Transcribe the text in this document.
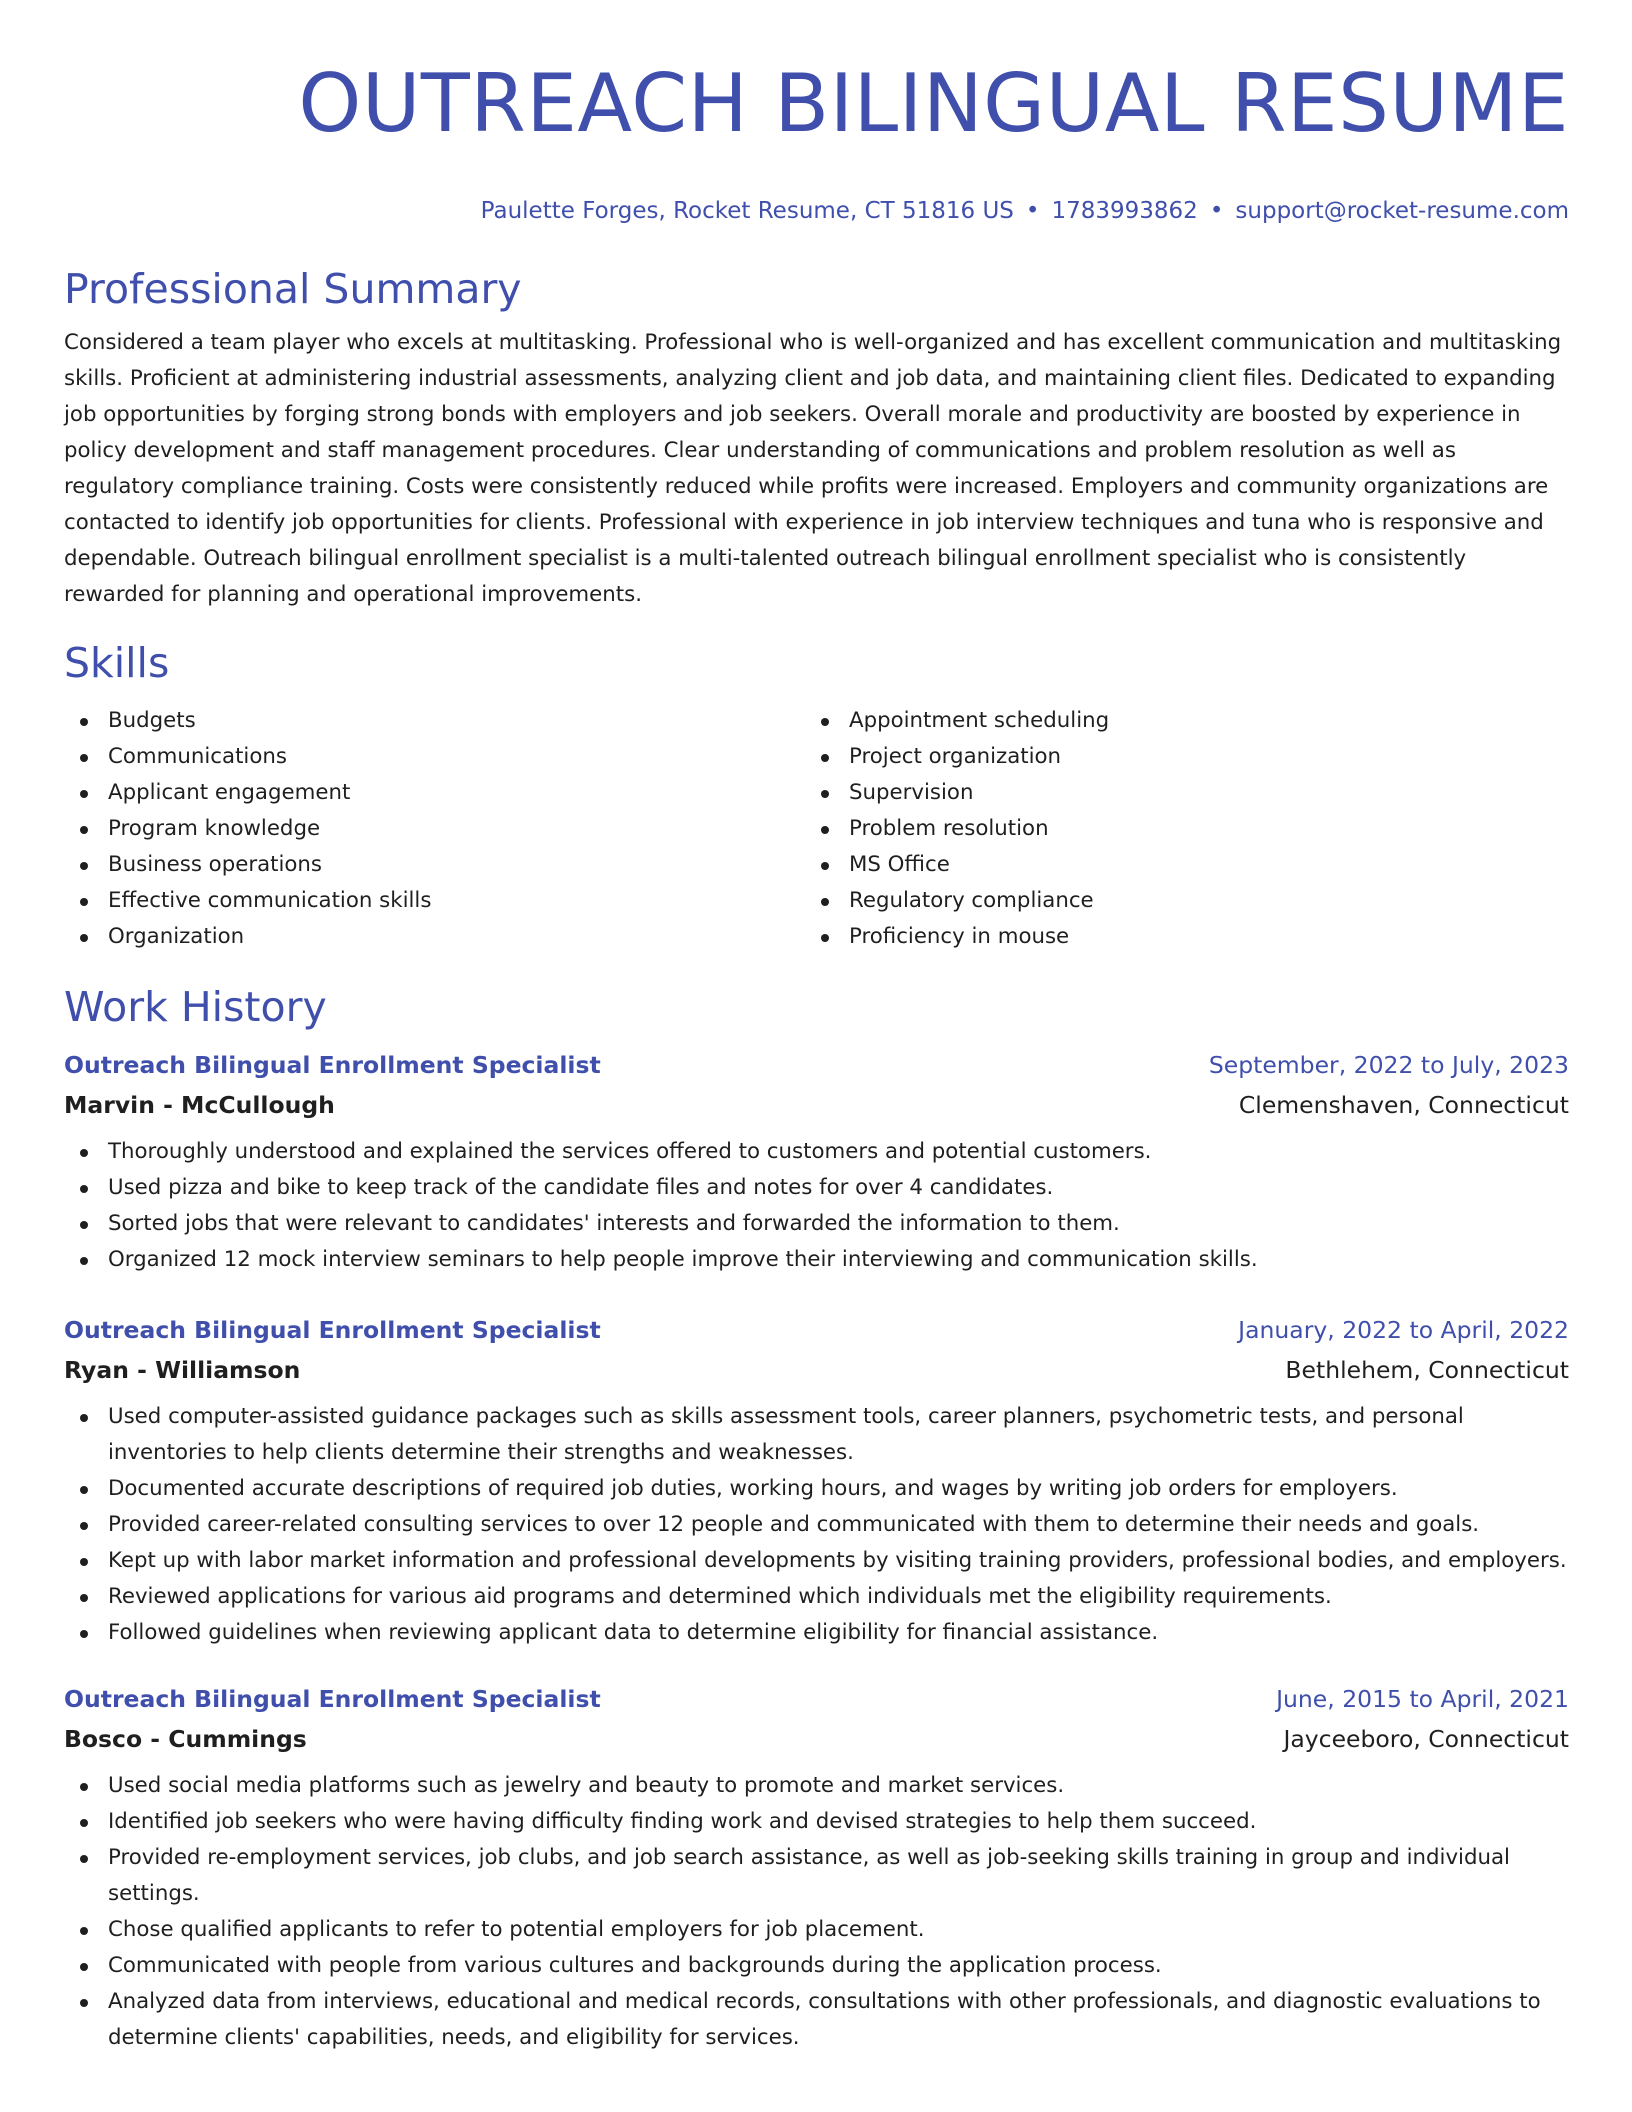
OUTREACH BILINGUAL RESUME
Paulette Forges, Rocket Resume, CT 51816 US • 1783993862 • support@rocket-resume.com
Professional Summary
Considered a team player who excels at multitasking. Professional who is well-organized and has excellent communication and multitasking skills. Proficient at administering industrial assessments, analyzing client and job data, and maintaining client files. Dedicated to expanding job opportunities by forging strong bonds with employers and job seekers. Overall morale and productivity are boosted by experience in policy development and staff management procedures. Clear understanding of communications and problem resolution as well as regulatory compliance training. Costs were consistently reduced while profits were increased. Employers and community organizations are contacted to identify job opportunities for clients. Professional with experience in job interview techniques and tuna who is responsive and dependable. Outreach bilingual enrollment specialist is a multi-talented outreach bilingual enrollment specialist who is consistently rewarded for planning and operational improvements.
Skills
Budgets
Communications
Applicant engagement
Program knowledge
Business operations
Effective communication skills
Organization
Appointment scheduling
Project organization
Supervision
Problem resolution
MS Office
Regulatory compliance
Proficiency in mouse
Work History
Outreach Bilingual Enrollment Specialist	September, 2022 to July, 2023
Marvin - McCullough	Clemenshaven, Connecticut
Thoroughly understood and explained the services offered to customers and potential customers.
Used pizza and bike to keep track of the candidate files and notes for over 4 candidates.
Sorted jobs that were relevant to candidates' interests and forwarded the information to them.
Organized 12 mock interview seminars to help people improve their interviewing and communication skills.
Outreach Bilingual Enrollment Specialist	January, 2022 to April, 2022
Ryan - Williamson	Bethlehem, Connecticut
Used computer-assisted guidance packages such as skills assessment tools, career planners, psychometric tests, and personal inventories to help clients determine their strengths and weaknesses.
Documented accurate descriptions of required job duties, working hours, and wages by writing job orders for employers.
Provided career-related consulting services to over 12 people and communicated with them to determine their needs and goals.
Kept up with labor market information and professional developments by visiting training providers, professional bodies, and employers.
Reviewed applications for various aid programs and determined which individuals met the eligibility requirements.
Followed guidelines when reviewing applicant data to determine eligibility for financial assistance.
Outreach Bilingual Enrollment Specialist	June, 2015 to April, 2021
Bosco - Cummings	Jayceeboro, Connecticut
Used social media platforms such as jewelry and beauty to promote and market services.
Identified job seekers who were having difficulty finding work and devised strategies to help them succeed.
Provided re-employment services, job clubs, and job search assistance, as well as job-seeking skills training in group and individual settings.
Chose qualified applicants to refer to potential employers for job placement.
Communicated with people from various cultures and backgrounds during the application process.
Analyzed data from interviews, educational and medical records, consultations with other professionals, and diagnostic evaluations to determine clients' capabilities, needs, and eligibility for services.
